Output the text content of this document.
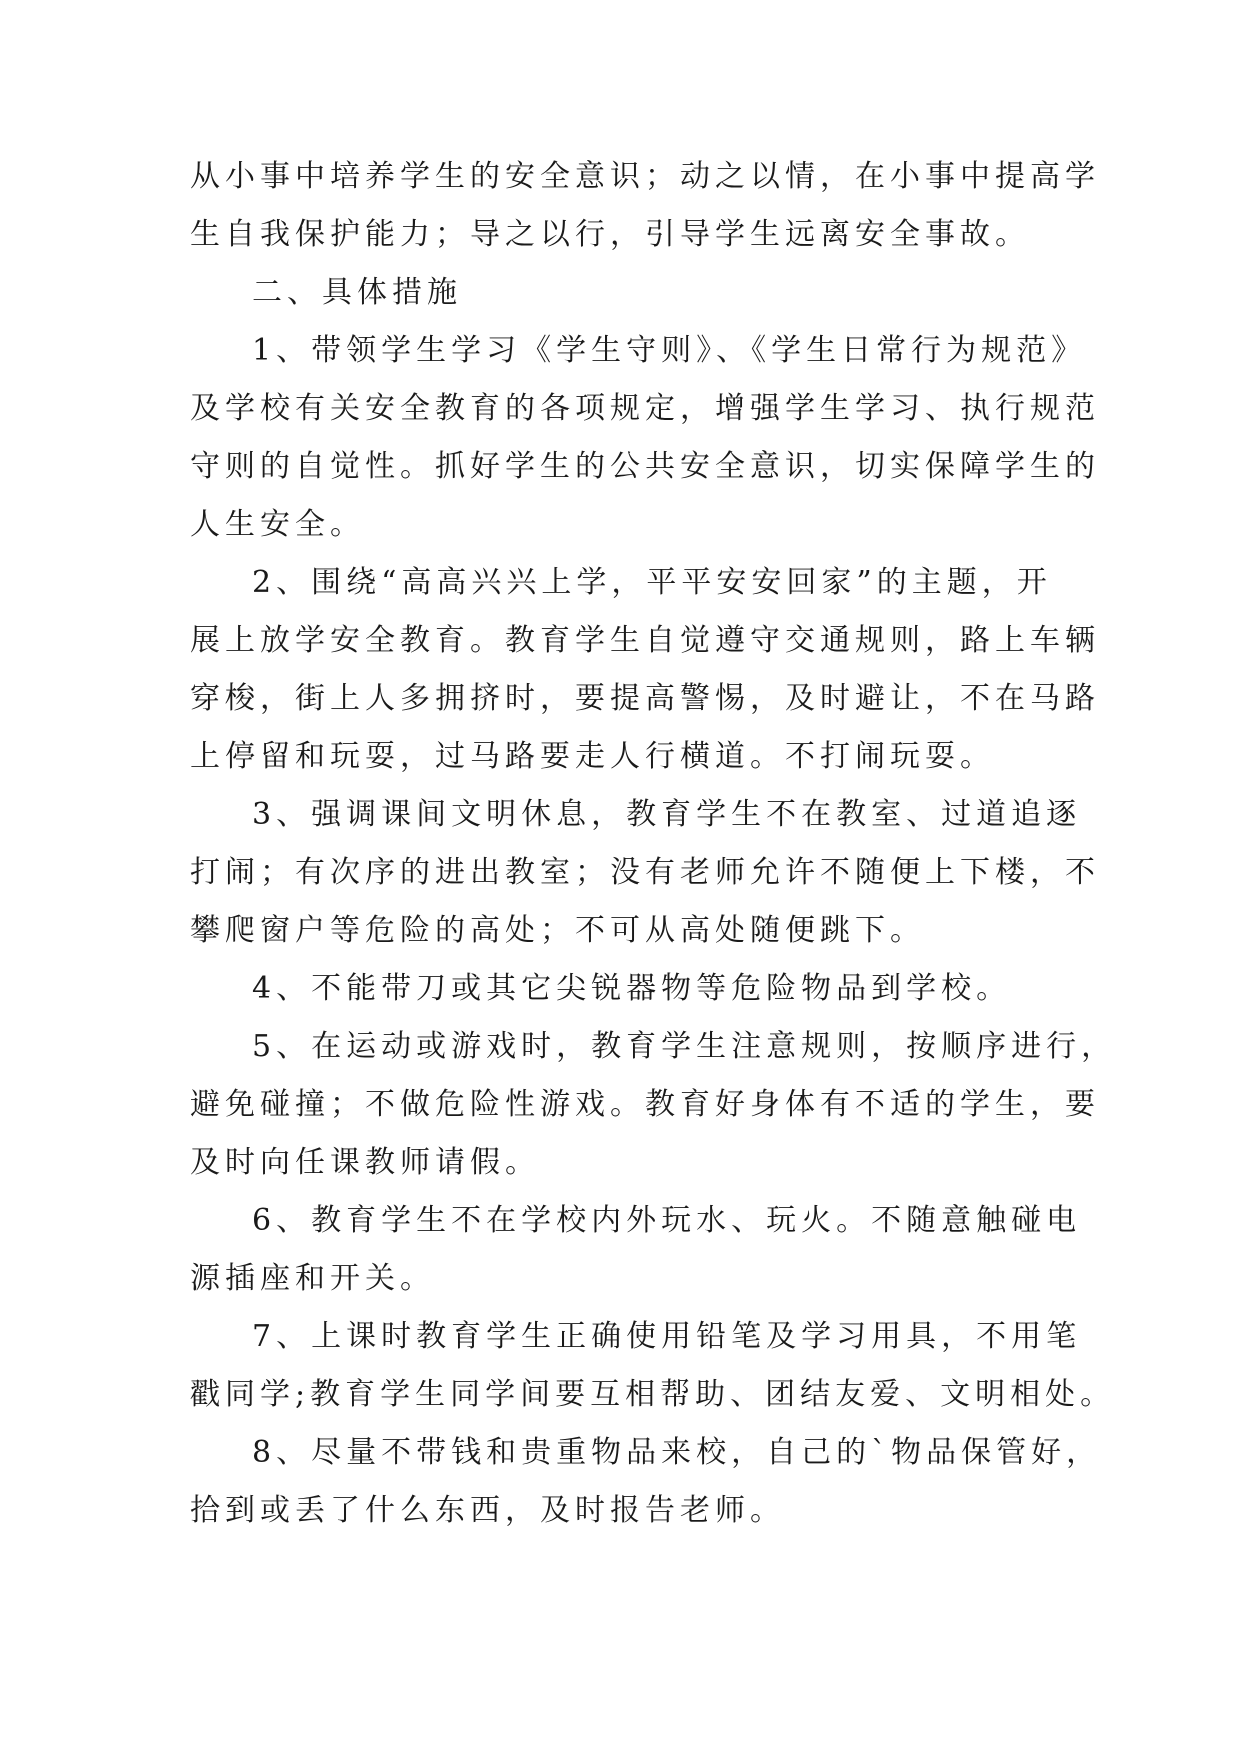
从小事中培养学生的安全意识；动之以情，在小事中提高学
生自我保护能力；导之以行，引导学生远离安全事故。
二、具体措施
1、带领学生学习《学生守则》、《学生日常行为规范》
及学校有关安全教育的各项规定，增强学生学习、执行规范
守则的自觉性。抓好学生的公共安全意识，切实保障学生的
人生安全。
2、围绕“高高兴兴上学，平平安安回家”的主题，开
展上放学安全教育。教育学生自觉遵守交通规则，路上车辆
穿梭，街上人多拥挤时，要提高警惕，及时避让，不在马路
上停留和玩耍，过马路要走人行横道。不打闹玩耍。
3、强调课间文明休息，教育学生不在教室、过道追逐
打闹；有次序的进出教室；没有老师允许不随便上下楼，不
攀爬窗户等危险的高处；不可从高处随便跳下。
4、不能带刀或其它尖锐器物等危险物品到学校。
5、在运动或游戏时，教育学生注意规则，按顺序进行，
避免碰撞；不做危险性游戏。教育好身体有不适的学生，要
及时向任课教师请假。
6、教育学生不在学校内外玩水、玩火。不随意触碰电
源插座和开关。
7、上课时教育学生正确使用铅笔及学习用具，不用笔
戳同学;教育学生同学间要互相帮助、团结友爱、文明相处。
8、尽量不带钱和贵重物品来校，自己的`物品保管好，
拾到或丢了什么东西，及时报告老师。
